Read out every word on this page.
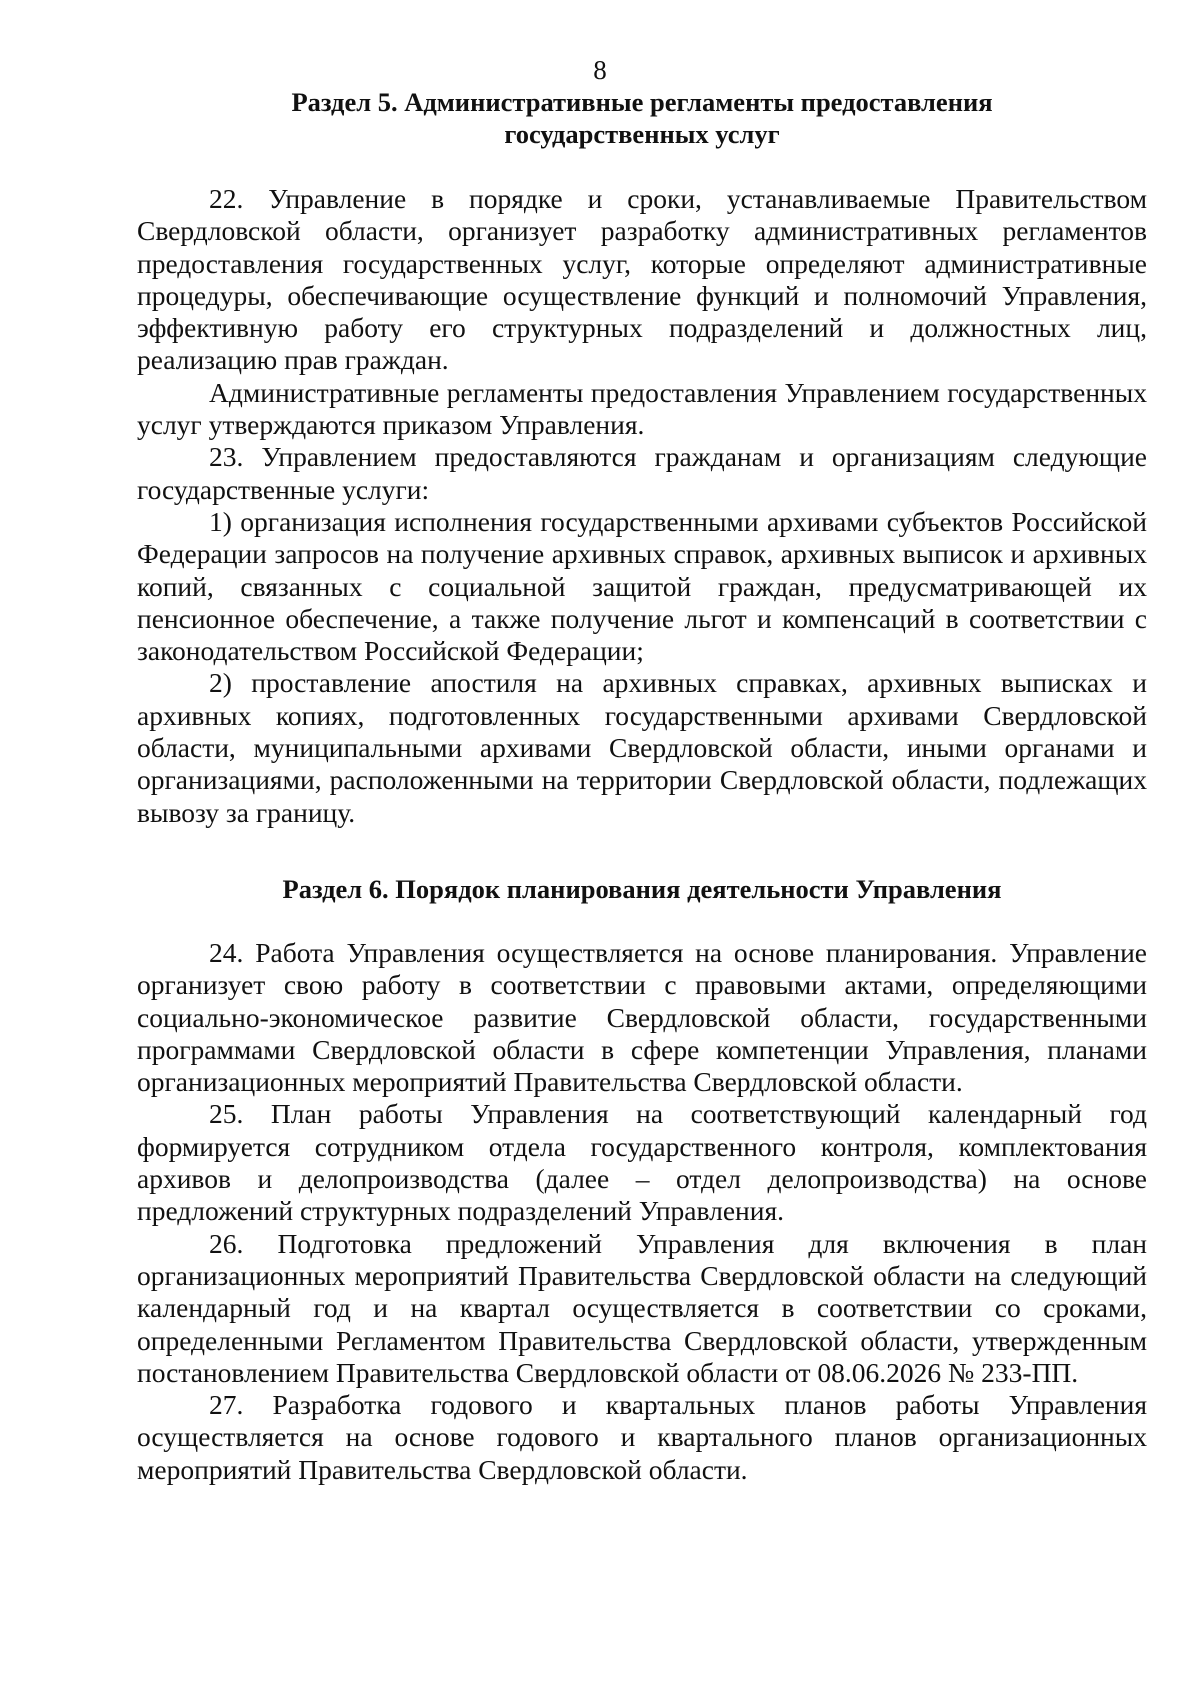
8

Раздел 5. Административные регламенты предоставления

государственных услуг

22. Управление в порядке и сроки, устанавливаемые Правительством Свердловской области, организует разработку административных регламентов предоставления государственных услуг, которые определяют административные процедуры, обеспечивающие осуществление функций и полномочий Управления, эффективную работу его структурных подразделений и должностных лиц, реализацию прав граждан.

Административные регламенты предоставления Управлением государственных услуг утверждаются приказом Управления.

23. Управлением предоставляются гражданам и организациям следующие государственные услуги:

1) организация исполнения государственными архивами субъектов Российской Федерации запросов на получение архивных справок, архивных выписок и архивных копий, связанных с социальной защитой граждан, предусматривающей их пенсионное обеспечение, а также получение льгот и компенсаций в соответствии с законодательством Российской Федерации;

2) проставление апостиля на архивных справках, архивных выписках и архивных копиях, подготовленных государственными архивами Свердловской области, муниципальными архивами Свердловской области, иными органами и организациями, расположенными на территории Свердловской области, подлежащих вывозу за границу.

Раздел 6. Порядок планирования деятельности Управления

24. Работа Управления осуществляется на основе планирования. Управление организует свою работу в соответствии с правовыми актами, определяющими социально-экономическое развитие Свердловской области, государственными программами Свердловской области в сфере компетенции Управления, планами организационных мероприятий Правительства Свердловской области.

25. План работы Управления на соответствующий календарный год формируется сотрудником отдела государственного контроля, комплектования архивов и делопроизводства (далее – отдел делопроизводства) на основе предложений структурных подразделений Управления.

26. Подготовка предложений Управления для включения в план организационных мероприятий Правительства Свердловской области на следующий календарный год и на квартал осуществляется в соответствии со сроками, определенными Регламентом Правительства Свердловской области, утвержденным постановлением Правительства Свердловской области от 08.06.2026 № 233-ПП.

27. Разработка годового и квартальных планов работы Управления осуществляется на основе годового и квартального планов организационных мероприятий Правительства Свердловской области.
